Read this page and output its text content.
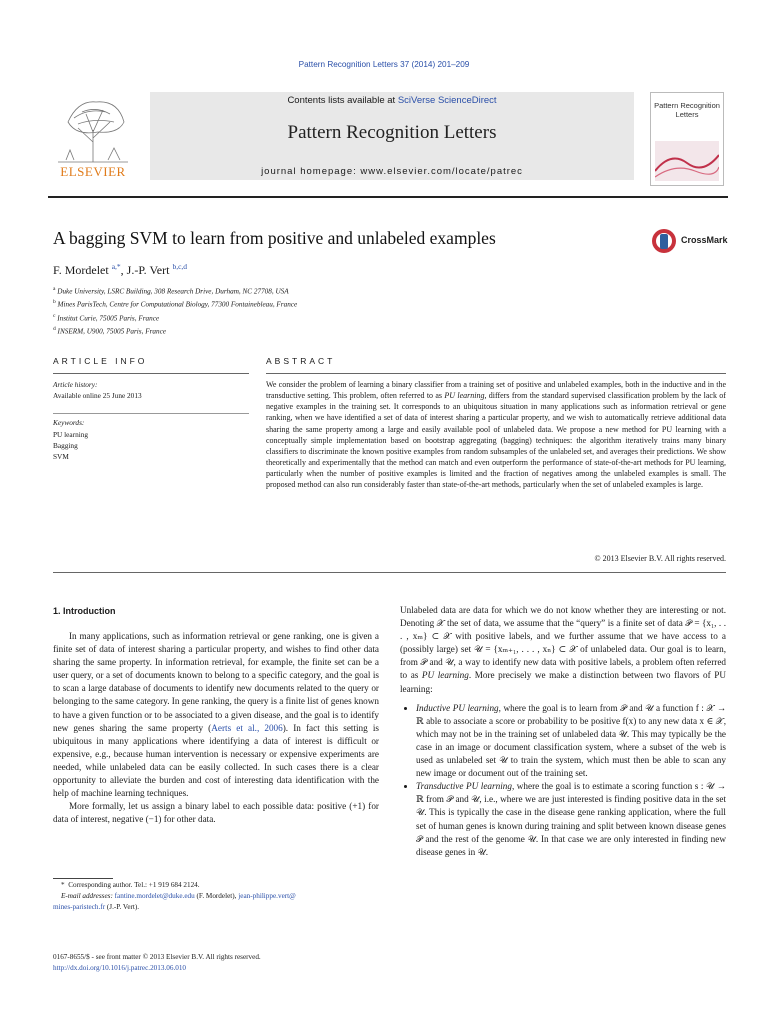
Pattern Recognition Letters 37 (2014) 201–209
ELSEVIER
Contents lists available at SciVerse ScienceDirect
Pattern Recognition Letters
journal homepage: www.elsevier.com/locate/patrec
Pattern Recognition Letters
A bagging SVM to learn from positive and unlabeled examples	CrossMark
F. Mordelet $^{a,*}$, J.-P. Vert $^{b,c,d}$
$^a$ Duke University, LSRC Building, 308 Research Drive, Durham, NC 27708, USA
$^b$ Mines ParisTech, Centre for Computational Biology, 77300 Fontainebleau, France
$^c$ Institut Curie, 75005 Paris, France
$^d$ INSERM, U900, 75005 Paris, France
ARTICLE INFO	ABSTRACT
Article history:
Available online 25 June 2013
Keywords:
PU learning
Bagging
SVM
We consider the problem of learning a binary classifier from a training set of positive and unlabeled examples, both in the inductive and in the transductive setting. This problem, often referred to as PU learning, differs from the standard supervised classification problem by the lack of negative examples in the training set. It corresponds to an ubiquitous situation in many applications such as information retrieval or gene ranking, when we have identified a set of data of interest sharing a particular property, and we wish to automatically retrieve additional data sharing the same property among a large and easily available pool of unlabeled data. We propose a new method for PU learning with a conceptually simple implementation based on bootstrap aggregating (bagging) techniques: the algorithm iteratively trains many binary classifiers to discriminate the known positive examples from random subsamples of the unlabeled set, and averages their predictions. We show theoretically and experimentally that the method can match and even outperform the performance of state-of-the-art methods for PU learning, particularly when the number of positive examples is limited and the fraction of negatives among the unlabeled examples is small. The proposed method can also run considerably faster than state-of-the-art methods, particularly when the set of unlabeled examples is large.
© 2013 Elsevier B.V. All rights reserved.
1. Introduction

In many applications, such as information retrieval or gene ranking, one is given a finite set of data of interest sharing a particular property, and wishes to find other data sharing the same property. In information retrieval, for example, the finite set can be a user query, or a set of documents known to belong to a specific category, and the goal is to scan a large database of documents to identify new documents related to the query or belonging to the same category. In gene ranking, the query is a finite list of genes known to have a given function or to be associated to a given disease, and the goal is to identify new genes sharing the same property (Aerts et al., 2006). In fact this setting is ubiquitous in many applications where identifying a data of interest is difficult or expensive, e.g., because human intervention is necessary or expensive experiments are needed, while unlabeled data can be easily collected. In such cases there is a clear opportunity to alleviate the burden and cost of interesting data identification with the help of machine learning techniques.

More formally, let us assign a binary label to each possible data: positive (+1) for data of interest, negative (−1) for other data.

Unlabeled data are data for which we do not know whether they are interesting or not. Denoting 𝒳 the set of data, we assume that the “query” is a finite set of data 𝒫 = {x₁, . . . , xₘ} ⊂ 𝒳 with positive labels, and we further assume that we have access to a (possibly large) set 𝒰 = {xₘ₊₁, . . . , xₙ} ⊂ 𝒳 of unlabeled data. Our goal is to learn, from 𝒫 and 𝒰, a way to identify new data with positive labels, a problem often referred to as PU learning. More precisely we make a distinction between two flavors of PU learning:

• Inductive PU learning, where the goal is to learn from 𝒫 and 𝒰 a function f : 𝒳 → ℝ able to associate a score or probability to be positive f(x) to any new data x ∈ 𝒳, which may not be in the training set of unlabeled data 𝒰. This may typically be the case in an image or document classification system, where a subset of the web is used as unlabeled set 𝒰 to train the system, which must then be able to scan any new image or document out of the training set.
• Transductive PU learning, where the goal is to estimate a scoring function s : 𝒰 → ℝ from 𝒫 and 𝒰, i.e., where we are just interested is finding positive data in the set 𝒰. This is typically the case in the disease gene ranking application, where the full set of human genes is known during training and split between known disease genes 𝒫 and the rest of the genome 𝒰. In that case we are only interested in finding new disease genes in 𝒰.
* Corresponding author. Tel.: +1 919 684 2124.
E-mail addresses: fantine.mordelet@duke.edu (F. Mordelet), jean-philippe.vert@
mines-paristech.fr (J.-P. Vert).
0167-8655/$ - see front matter © 2013 Elsevier B.V. All rights reserved.
http://dx.doi.org/10.1016/j.patrec.2013.06.010
